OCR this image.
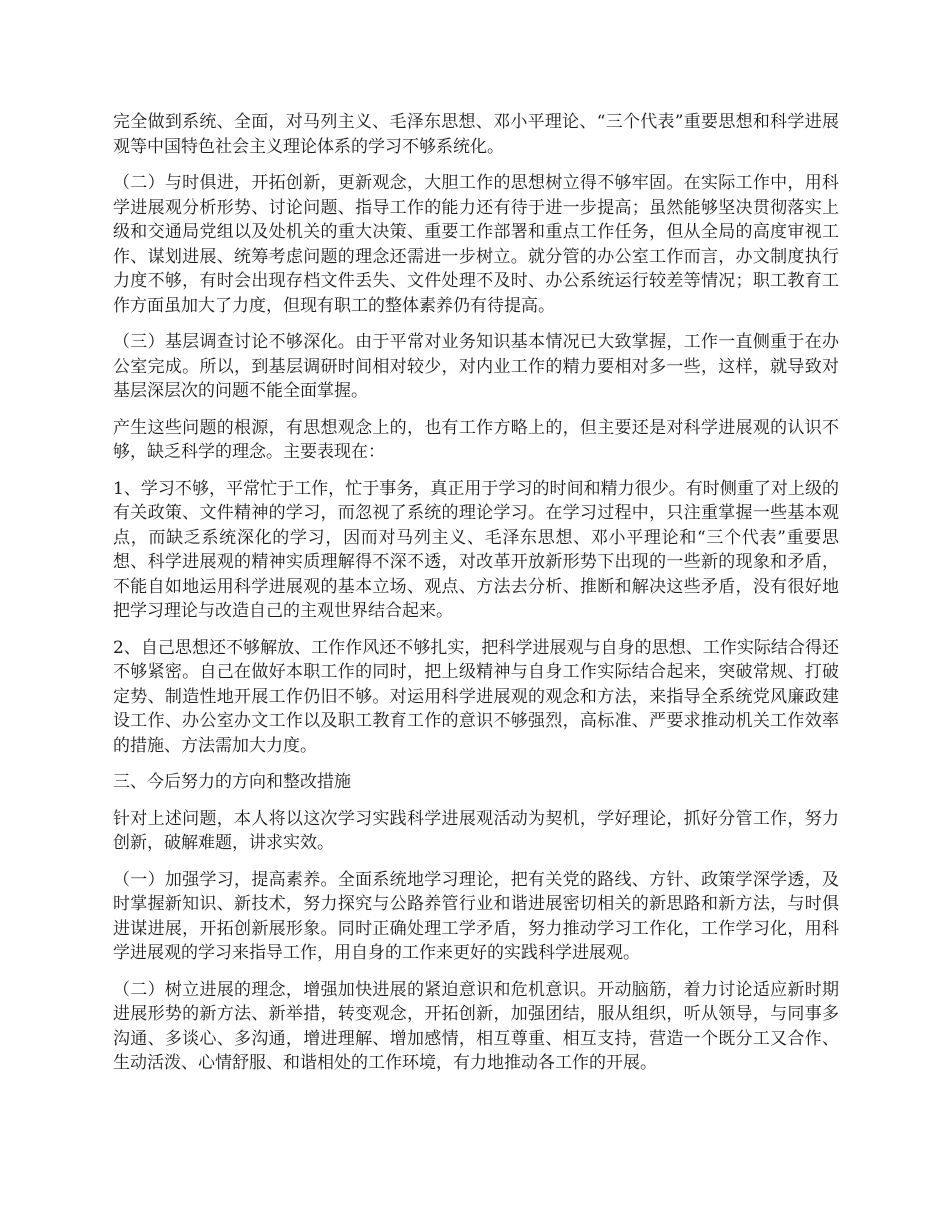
完全做到系统、全面，对马列主义、毛泽东思想、邓小平理论、“三个代表”重要思想和科学进展观等中国特色社会主义理论体系的学习不够系统化。

（二）与时俱进，开拓创新，更新观念，大胆工作的思想树立得不够牢固。在实际工作中，用科学进展观分析形势、讨论问题、指导工作的能力还有待于进一步提高；虽然能够坚决贯彻落实上级和交通局党组以及处机关的重大决策、重要工作部署和重点工作任务，但从全局的高度审视工作、谋划进展、统筹考虑问题的理念还需进一步树立。就分管的办公室工作而言，办文制度执行力度不够，有时会出现存档文件丢失、文件处理不及时、办公系统运行较差等情况；职工教育工作方面虽加大了力度，但现有职工的整体素养仍有待提高。

（三）基层调查讨论不够深化。由于平常对业务知识基本情况已大致掌握，工作一直侧重于在办公室完成。所以，到基层调研时间相对较少，对内业工作的精力要相对多一些，这样，就导致对基层深层次的问题不能全面掌握。

产生这些问题的根源，有思想观念上的，也有工作方略上的，但主要还是对科学进展观的认识不够，缺乏科学的理念。主要表现在：

1、学习不够，平常忙于工作，忙于事务，真正用于学习的时间和精力很少。有时侧重了对上级的有关政策、文件精神的学习，而忽视了系统的理论学习。在学习过程中，只注重掌握一些基本观点，而缺乏系统深化的学习，因而对马列主义、毛泽东思想、邓小平理论和“三个代表”重要思想、科学进展观的精神实质理解得不深不透，对改革开放新形势下出现的一些新的现象和矛盾，不能自如地运用科学进展观的基本立场、观点、方法去分析、推断和解决这些矛盾，没有很好地把学习理论与改造自己的主观世界结合起来。

2、自己思想还不够解放、工作作风还不够扎实，把科学进展观与自身的思想、工作实际结合得还不够紧密。自己在做好本职工作的同时，把上级精神与自身工作实际结合起来，突破常规、打破定势、制造性地开展工作仍旧不够。对运用科学进展观的观念和方法，来指导全系统党风廉政建设工作、办公室办文工作以及职工教育工作的意识不够强烈，高标准、严要求推动机关工作效率的措施、方法需加大力度。

三、今后努力的方向和整改措施

针对上述问题，本人将以这次学习实践科学进展观活动为契机，学好理论，抓好分管工作，努力创新，破解难题，讲求实效。

（一）加强学习，提高素养。全面系统地学习理论，把有关党的路线、方针、政策学深学透，及时掌握新知识、新技术，努力探究与公路养管行业和谐进展密切相关的新思路和新方法，与时俱进谋进展，开拓创新展形象。同时正确处理工学矛盾，努力推动学习工作化，工作学习化，用科学进展观的学习来指导工作，用自身的工作来更好的实践科学进展观。

（二）树立进展的理念，增强加快进展的紧迫意识和危机意识。开动脑筋，着力讨论适应新时期进展形势的新方法、新举措，转变观念，开拓创新，加强团结，服从组织，听从领导，与同事多沟通、多谈心、多沟通，增进理解、增加感情，相互尊重、相互支持，营造一个既分工又合作、生动活泼、心情舒服、和谐相处的工作环境，有力地推动各工作的开展。
